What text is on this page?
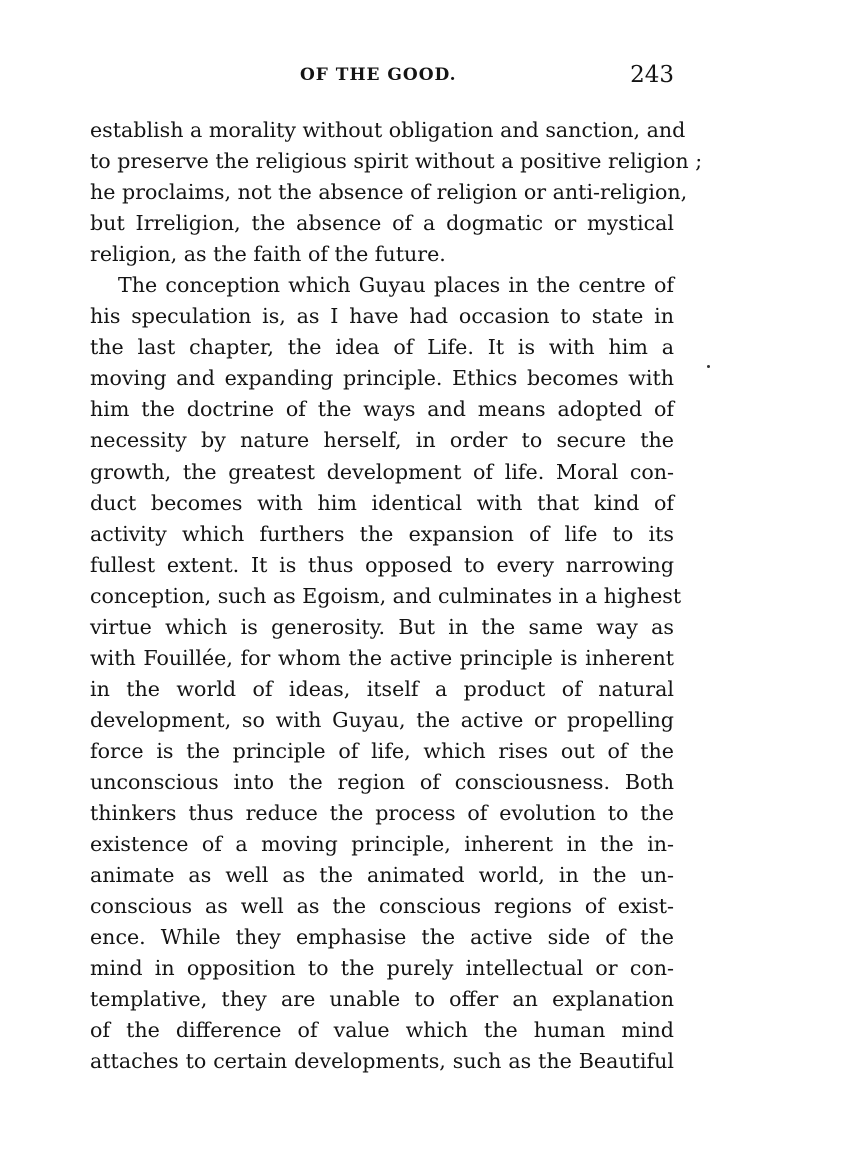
OF THE GOOD.	243
establish a morality without obligation and sanction, and
to preserve the religious spirit without a positive religion ;
he proclaims, not the absence of religion or anti-religion,
but Irreligion, the absence of a dogmatic or mystical
religion, as the faith of the future.
The conception which Guyau places in the centre of
his speculation is, as I have had occasion to state in
the last chapter, the idea of Life. It is with him a
moving and expanding principle. Ethics becomes with
him the doctrine of the ways and means adopted of
necessity by nature herself, in order to secure the
growth, the greatest development of life. Moral con-
duct becomes with him identical with that kind of
activity which furthers the expansion of life to its
fullest extent. It is thus opposed to every narrowing
conception, such as Egoism, and culminates in a highest
virtue which is generosity. But in the same way as
with Fouillée, for whom the active principle is inherent
in the world of ideas, itself a product of natural
development, so with Guyau, the active or propelling
force is the principle of life, which rises out of the
unconscious into the region of consciousness. Both
thinkers thus reduce the process of evolution to the
existence of a moving principle, inherent in the in-
animate as well as the animated world, in the un-
conscious as well as the conscious regions of exist-
ence. While they emphasise the active side of the
mind in opposition to the purely intellectual or con-
templative, they are unable to offer an explanation
of the difference of value which the human mind
attaches to certain developments, such as the Beautiful
